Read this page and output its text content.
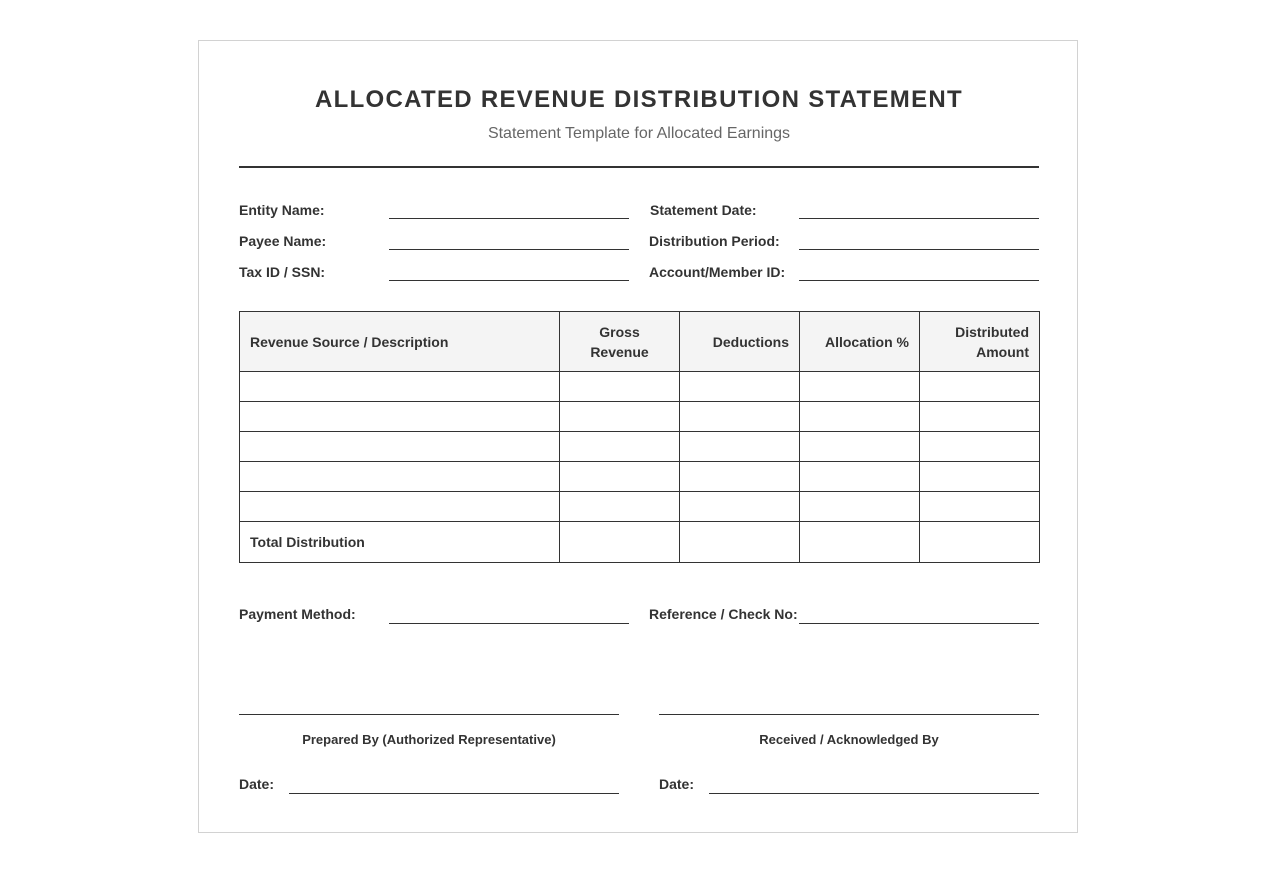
ALLOCATED REVENUE DISTRIBUTION STATEMENT
Statement Template for Allocated Earnings
Entity Name:	Statement Date:
Payee Name:	Distribution Period:
Tax ID / SSN:	Account/Member ID:
Revenue Source / Description	Gross Revenue	Deductions	Allocation %	Distributed Amount

Total Distribution				
Payment Method:	Reference / Check No:
Prepared By (Authorized Representative)	Received / Acknowledged By
Date:	Date:
